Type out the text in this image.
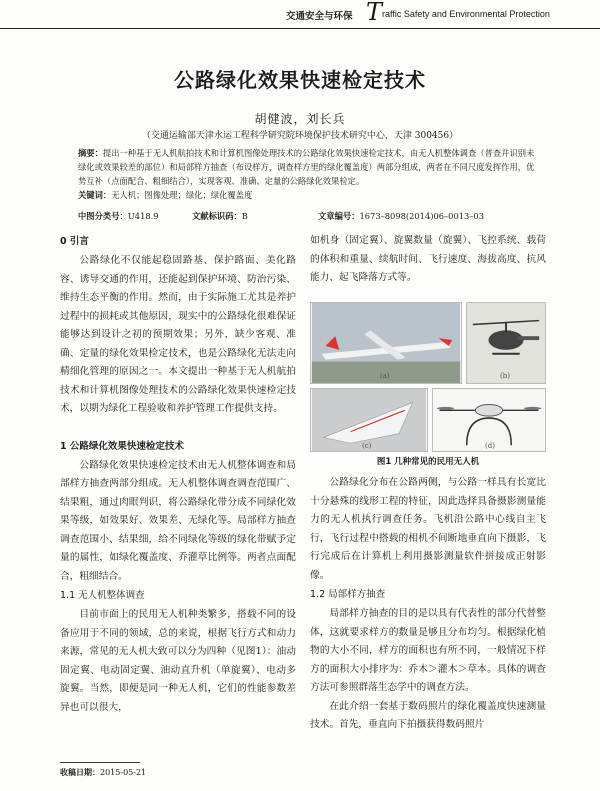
交通安全与环保 T raffic Safety and Environmental Protection
公路绿化效果快速检定技术
胡健波，刘长兵
（交通运输部天津水运工程科学研究院环境保护技术研究中心，天津 300456）
摘要：提出一种基于无人机航拍技术和计算机图像处理技术的公路绿化效果快速检定技术，由无人机整体调查（普查并识别未绿化或效果较差的部位）和局部样方抽查（布设样方，调查样方里的绿化覆盖度）两部分组成，两者在不同尺度发挥作用，优势互补（点面配合、粗细结合），实现客观、准确、定量的公路绿化效果检定。
关键词：无人机；图像处理；绿化；绿化覆盖度
中图分类号：U418.9	文献标识码：B	文章编号：1673–8098(2014)06–0013–03
0 引言

公路绿化不仅能起稳固路基、保护路面、美化路容、诱导交通的作用，还能起到保护环境、防治污染、维持生态平衡的作用。然而，由于实际施工尤其是养护过程中的损耗或其他原因，现实中的公路绿化很难保证能够达到设计之初的预期效果；另外，缺少客观、准确、定量的绿化效果检定技术，也是公路绿化无法走向精细化管理的原因之一。本文提出一种基于无人机航拍技术和计算机图像处理技术的公路绿化效果快速检定技术，以期为绿化工程验收和养护管理工作提供支持。

1 公路绿化效果快速检定技术

公路绿化效果快速检定技术由无人机整体调查和局部样方抽查两部分组成。无人机整体调查调查范围广、结果粗，通过肉眼判识，将公路绿化带分成不同绿化效果等级，如效果好、效果差、无绿化等。局部样方抽查调查范围小、结果细，给不同绿化等级的绿化带赋予定量的属性，如绿化覆盖度、乔灌草比例等。两者点面配合，粗细结合。

1.1 无人机整体调查

目前市面上的民用无人机种类繁多，搭载不同的设备应用于不同的领域，总的来说，根据飞行方式和动力来源，常见的无人机大致可以分为四种（见图1）：油动固定翼、电动固定翼、油动直升机（单旋翼）、电动多旋翼。当然，即便是同一种无人机，它们的性能参数差异也可以很大，

如机身（固定翼）、旋翼数量（旋翼）、飞控系统、载荷的体积和重量、续航时间、飞行速度、海拔高度、抗风能力、起飞降落方式等。

(a)	(b)
(c)	(d)
图1 几种常见的民用无人机

公路绿化分布在公路两侧，与公路一样具有长宽比十分悬殊的线形工程的特征，因此选择具备摄影测量能力的无人机执行调查任务。飞机沿公路中心线自主飞行，飞行过程中搭载的相机不间断地垂直向下摄影，飞行完成后在计算机上利用摄影测量软件拼接成正射影像。

1.2 局部样方抽查

局部样方抽查的目的是以具有代表性的部分代替整体，这就要求样方的数量是够且分布均匀。根据绿化植物的大小不同，样方的面积也有所不同，一般情况下样方的面积大小排序为：乔木＞灌木＞草本。具体的调查方法可参照群落生态学中的调查方法。

在此介绍一套基于数码照片的绿化覆盖度快速测量技术。首先，垂直向下拍摄获得数码照片

收稿日期：2015-05-21
